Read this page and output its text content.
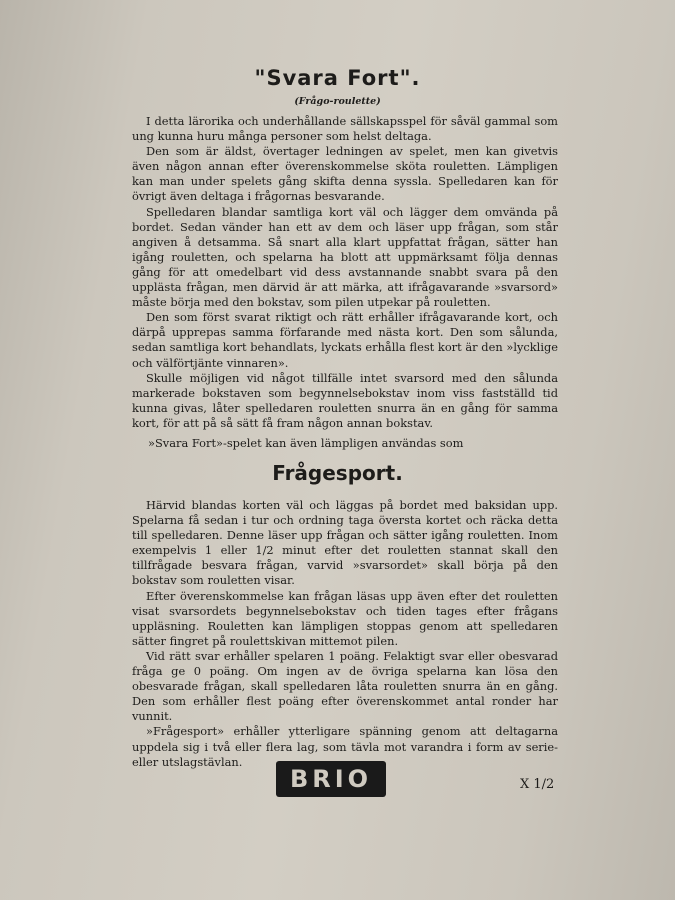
"Svara Fort".
(Frågo-roulette)

I detta lärorika och underhållande sällskapsspel för såväl gammal som ung kunna huru många personer som helst deltaga.

Den som är äldst, övertager ledningen av spelet, men kan givetvis även någon annan efter överenskommelse sköta rouletten. Lämpligen kan man under spelets gång skifta denna syssla. Spelledaren kan för övrigt även deltaga i frågornas besvarande.

Spelledaren blandar samtliga kort väl och lägger dem omvända på bordet. Sedan vänder han ett av dem och läser upp frågan, som står angiven å detsamma. Så snart alla klart uppfattat frågan, sätter han igång rouletten, och spelarna ha blott att uppmärksamt följa dennas gång för att omedelbart vid dess avstannande snabbt svara på den upplästa frågan, men därvid är att märka, att ifrågavarande »svarsord» måste börja med den bokstav, som pilen utpekar på rouletten.

Den som först svarat riktigt och rätt erhåller ifrågavarande kort, och därpå upprepas samma förfarande med nästa kort. Den som sålunda, sedan samtliga kort behandlats, lyckats erhålla flest kort är den »lycklige och välförtjänte vinnaren».

Skulle möjligen vid något tillfälle intet svarsord med den sålunda markerade bokstaven som begynnelsebokstav inom viss fastställd tid kunna givas, låter spelledaren rouletten snurra än en gång för samma kort, för att på så sätt få fram någon annan bokstav.

»Svara Fort»-spelet kan även lämpligen användas som
Frågesport.

Härvid blandas korten väl och läggas på bordet med baksidan upp. Spelarna få sedan i tur och ordning taga översta kortet och räcka detta till spelledaren. Denne läser upp frågan och sätter igång rouletten. Inom exempelvis 1 eller 1/2 minut efter det rouletten stannat skall den tillfrågade besvara frågan, varvid »svarsordet» skall börja på den bokstav som rouletten visar.

Efter överenskommelse kan frågan läsas upp även efter det rouletten visat svarsordets begynnelsebokstav och tiden tages efter frågans uppläsning. Rouletten kan lämpligen stoppas genom att spelledaren sätter fingret på roulettskivan mittemot pilen.

Vid rätt svar erhåller spelaren 1 poäng. Felaktigt svar eller obesvarad fråga ge 0 poäng. Om ingen av de övriga spelarna kan lösa den obesvarade frågan, skall spelledaren låta rouletten snurra än en gång. Den som erhåller flest poäng efter överenskommet antal ronder har vunnit.

»Frågesport» erhåller ytterligare spänning genom att deltagarna uppdela sig i två eller flera lag, som tävla mot varandra i form av serie- eller utslagstävlan.

BRIO	X 1/2
